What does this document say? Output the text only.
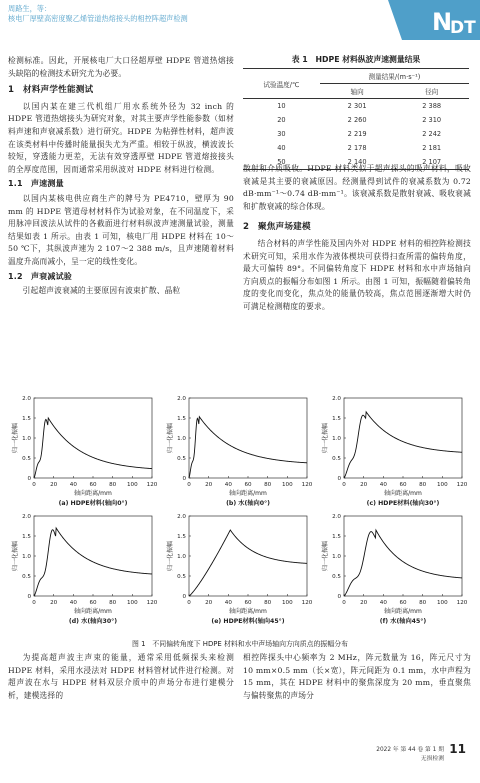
周路生，等：
核电厂厚壁高密度聚乙烯管道热熔接头的相控阵超声检测	N
DT

检测标准。因此，开展核电厂大口径超厚壁 HDPE 管道热熔接头缺陷的检测技术研究尤为必要。

1　材料声学性能测试

以国内某在建三代机组厂用水系统外径为 32 inch 的 HDPE 管道热熔接头为研究对象，对其主要声学性能参数（如材料声速和声衰减系数）进行研究。HDPE 为粘弹性材料，超声波在该类材料中传播时能量损失尤为严重。相较于纵波，横波波长较短，穿透能力更差，无法有效穿透厚壁 HDPE 管道熔接接头的全厚度范围，因而通常采用纵波对 HDPE 材料进行检测。

1.1　声速测量

以国内某核电供应商生产的牌号为 PE4710，壁厚为 90 mm 的 HDPE 管道母材材料作为试验对象，在不同温度下，采用脉冲回波法从试件的各截面进行材料纵波声速测量试验，测量结果如表 1 所示。由表 1 可知，核电厂用 HDPE 材料在 10～50 ℃下，其纵波声速为 2 107～2 388 m/s，且声速随着材料温度升高而减小，呈一定的线性变化。

1.2　声衰减试验

引起超声波衰减的主要原因有波束扩散、晶粒

表 1　HDPE 材料纵波声速测量结果
试验温度/℃	测量结果/(m·s⁻¹)	
	轴向	径向
10	2 301	2 388
20	2 260	2 310
30	2 219	2 242
40	2 178	2 181
50	2 140	2 107

散射和介质吸收。HDPE 材料类似于超声探头的吸声材料，吸收衰减是其主要的衰减原因。经测量得到试件的衰减系数为 0.72 dB·mm⁻¹～0.74 dB·mm⁻¹。该衰减系数是散射衰减、吸收衰减和扩散衰减的综合体现。

2　聚焦声场建模

结合材料的声学性能及国内外对 HDPE 材料的相控阵检测技术研究可知，采用水作为液体楔块可获得扫查所需的偏转角度，最大可偏转 89°。不同偏转角度下 HDPE 材料和水中声场轴向方向质点的振幅分布如图 1 所示。由图 1 可知，振幅随着偏转角度的变化而变化，焦点处的能量仍较高，焦点范围逐渐增大时仍可满足检测精度的要求。

0	20 40 60 80 100 120
0
0.5
1.0
1.5
2.0
轴向距离/mm
归一化振幅
(a) HDPE材料(轴向0°)
0	20 40 60 80 100 120
0
0.5
1.0
1.5
2.0
轴向距离/mm
归一化振幅
(b) 水(轴向0°)
0	20 40 60 80 100 120
0
0.5
1.0
1.5
2.0
轴向距离/mm
归一化振幅
(c) HDPE材料(轴向30°)
0	20 40 60 80 100 120
0
0.5
1.0
1.5
2.0
轴向距离/mm
归一化振幅
(d) 水(轴向30°)
0	20 40 60 80 100 120
0
0.5
1.0
1.5
2.0
轴向距离/mm
归一化振幅
(e) HDPE材料(轴向45°)
0	20 40 60 80 100 120
0
0.5
1.0
1.5
2.0
轴向距离/mm
归一化振幅
(f) 水(轴向45°)
图 1　不同偏转角度下 HDPE 材料和水中声场轴向方向质点的振幅分布

为提高超声波主声束的能量，通常采用低频探头来检测 HDPE 材料，采用水浸法对 HDPE 材料管材试件进行检测。对超声波在水与 HDPE 材料双层介质中的声场分布进行建模分析，建模选择的

相控阵探头中心频率为 2 MHz，阵元数量为 16，阵元尺寸为 10 mm×0.5 mm（长×宽），阵元间距为 0.1 mm，水中声程为 15 mm，其在 HDPE 材料中的聚焦深度为 20 mm，垂直聚焦与偏转聚焦的声场分

2022 年 第 44 卷 第 1 期
无损检测
11
